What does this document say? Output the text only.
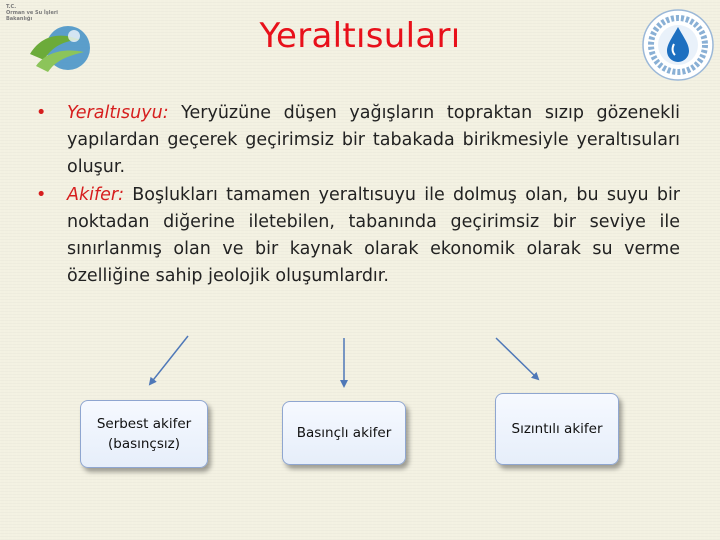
T.C.
Orman ve Su İşleri
Bakanlığı	Yeraltısuları
• Yeraltısuyu: Yeryüzüne düşen yağışların topraktan sızıp gözenekli yapılardan geçerek geçirimsiz bir tabakada birikmesiyle yeraltısuları oluşur.
• Akifer: Boşlukları tamamen yeraltısuyu ile dolmuş olan, bu suyu bir noktadan diğerine iletebilen, tabanında geçirimsiz bir seviye ile sınırlanmış olan ve bir kaynak olarak ekonomik olarak su verme özelliğine sahip jeolojik oluşumlardır.
Serbest akifer
(basınçsız)
Basınçlı akifer	Sızıntılı akifer
